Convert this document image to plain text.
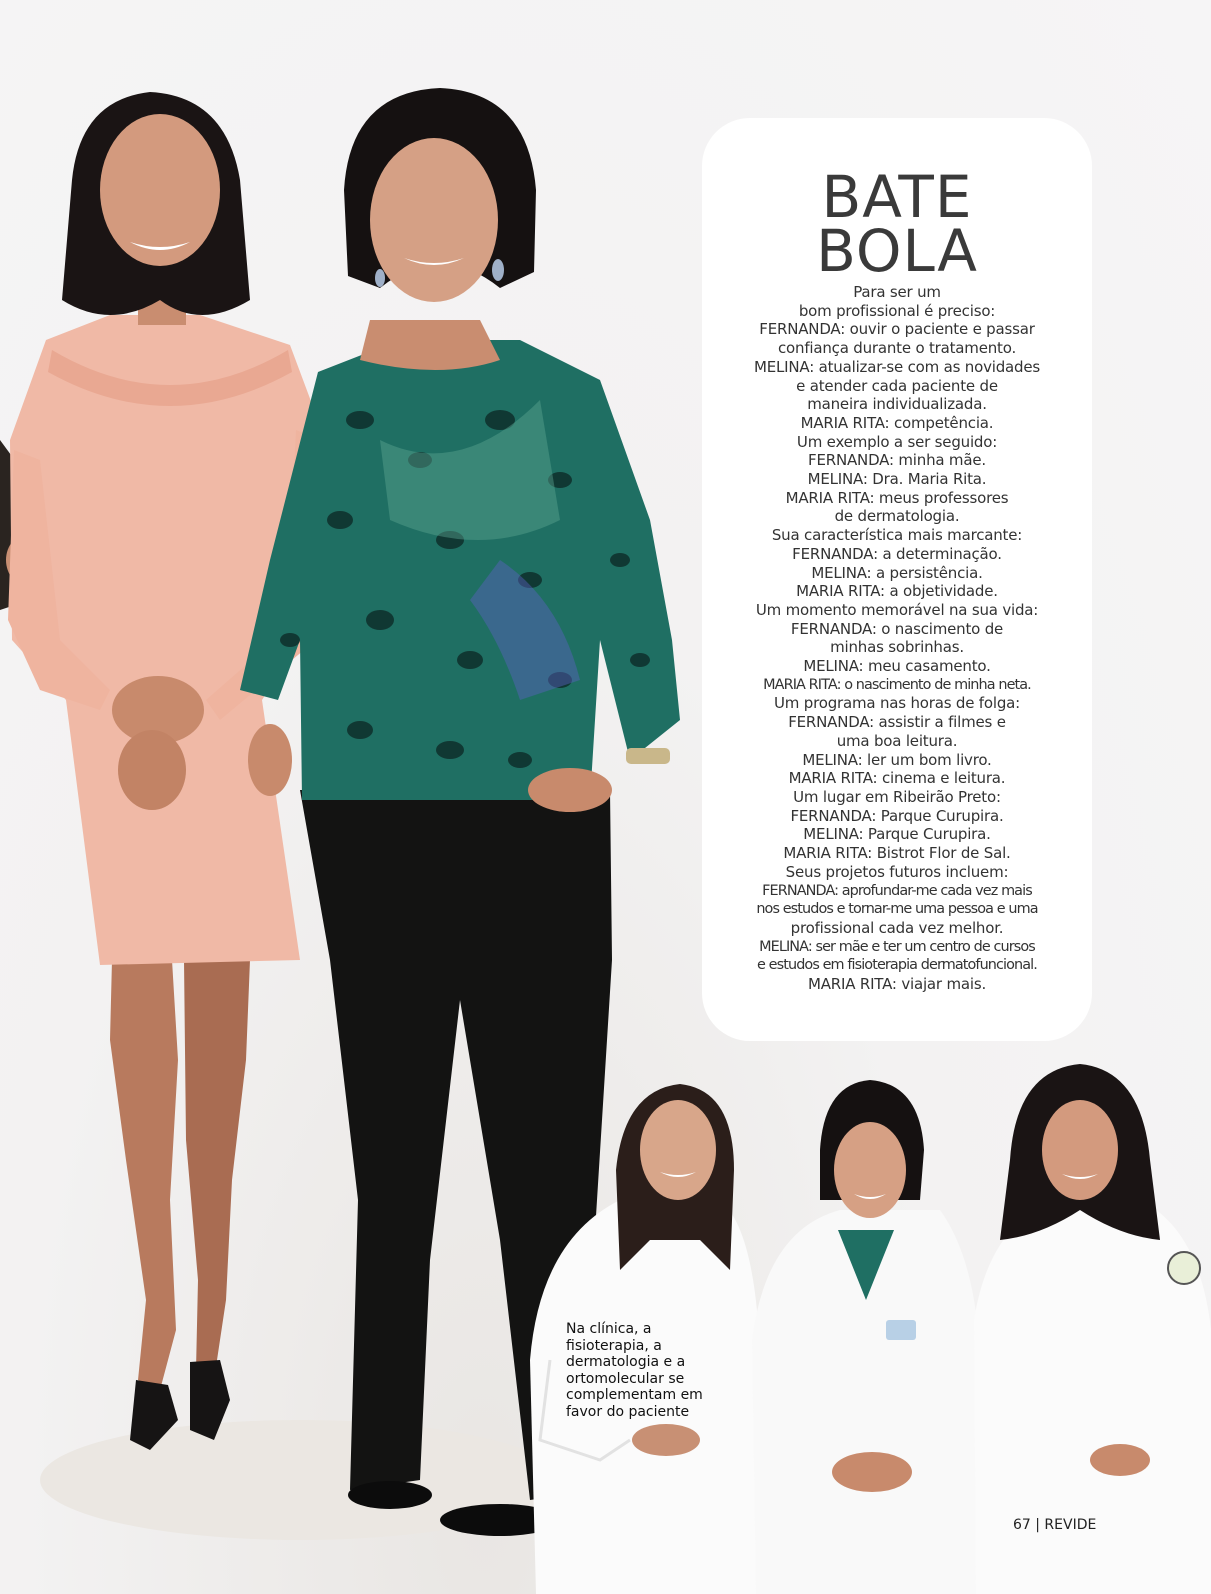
BATE
BOLA
Para ser um
bom profissional é preciso:
FERNANDA: ouvir o paciente e passar
confiança durante o tratamento.
MELINA: atualizar-se com as novidades
e atender cada paciente de
maneira individualizada.
MARIA RITA: competência.
Um exemplo a ser seguido:
FERNANDA: minha mãe.
MELINA: Dra. Maria Rita.
MARIA RITA: meus professores
de dermatologia.
Sua característica mais marcante:
FERNANDA: a determinação.
MELINA: a persistência.
MARIA RITA: a objetividade.
Um momento memorável na sua vida:
FERNANDA: o nascimento de
minhas sobrinhas.
MELINA: meu casamento.
MARIA RITA: o nascimento de minha neta.
Um programa nas horas de folga:
FERNANDA: assistir a filmes e
uma boa leitura.
MELINA: ler um bom livro.
MARIA RITA: cinema e leitura.
Um lugar em Ribeirão Preto:
FERNANDA: Parque Curupira.
MELINA: Parque Curupira.
MARIA RITA: Bistrot Flor de Sal.
Seus projetos futuros incluem:
FERNANDA: aprofundar-me cada vez mais
nos estudos e tornar-me uma pessoa e uma
profissional cada vez melhor.
MELINA: ser mãe e ter um centro de cursos
e estudos em fisioterapia dermatofuncional.
MARIA RITA: viajar mais.
Na clínica, a
fisioterapia, a
dermatologia e a
ortomolecular se
complementam em
favor do paciente
67 | REVIDE
